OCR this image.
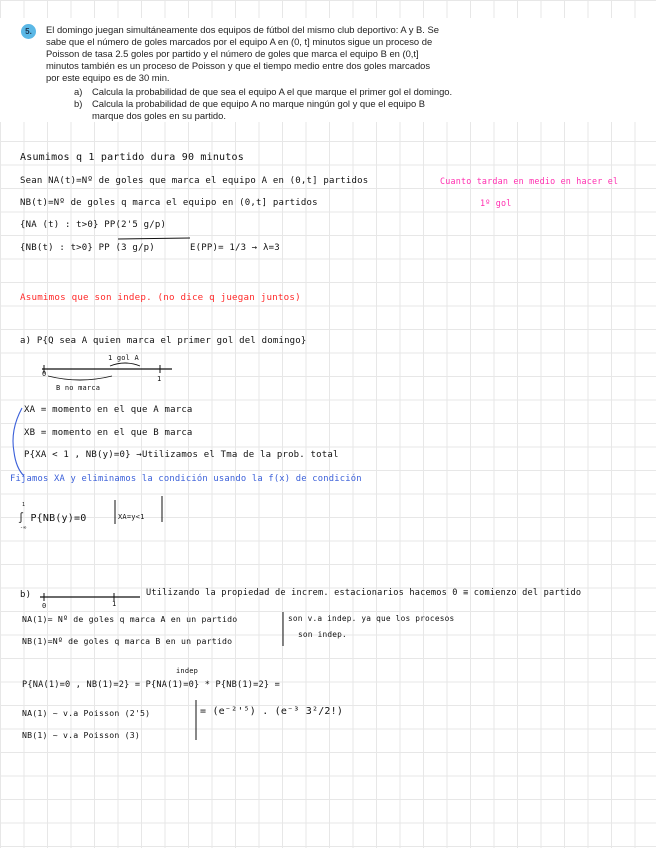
5.	El domingo juegan simultáneamente dos equipos de fútbol del mismo club deportivo: A y B. Se
sabe que el número de goles marcados por el equipo A en (0, t] minutos sigue un proceso de
Poisson de tasa 2.5 goles por partido y el número de goles que marca el equipo B en (0,t]
minutos también es un proceso de Poisson y que el tiempo medio entre dos goles marcados
por este equipo es de 30 min.
a) Calcula la probabilidad de que sea el equipo A el que marque el primer gol el domingo.
b) Calcula la probabilidad de que equipo A no marque ningún gol y que el equipo B
marque dos goles en su partido.
Asumimos q 1 partido dura 90 minutos
Sean NA(t)=Nº de goles que marca el equipo A en (0,t] partidos	Cuanto tardan en medio en hacer el
1º gol
NB(t)=Nº de goles q marca el equipo en (0,t] partidos
{NA (t) : t>0} PP(2'5 g/p)
{NB(t) : t>0} PP (3 g/p)	E(PP)= 1/3 → λ=3
Asumimos que son indep. (no dice q juegan juntos)
a) P{Q sea A quien marca el primer gol del domingo}
1 gol A
0
1
B no marca
XA = momento en el que A marca
XB = momento en el que B marca
P{XA < 1 , NB(y)=0} →Utilizamos el Tma de la prob. total
Fijamos XA y eliminamos la condición usando la f(x) de condición
1
∫ P{NB(y)=0
-∞
XA=y<1
b)
0	1
Utilizando la propiedad de increm. estacionarios hacemos 0 ≡ comienzo del partido
NA(1)= Nº de goles q marca A en un partido
NB(1)=Nº de goles q marca B en un partido
son v.a indep. ya que los procesos
son indep.
indep
P{NA(1)=0 , NB(1)=2} = P{NA(1)=0} * P{NB(1)=2} =
NA(1) ~ v.a Poisson (2'5)
NB(1) ~ v.a Poisson (3)
= (e⁻²'⁵) . (e⁻³ 3²/2!)
